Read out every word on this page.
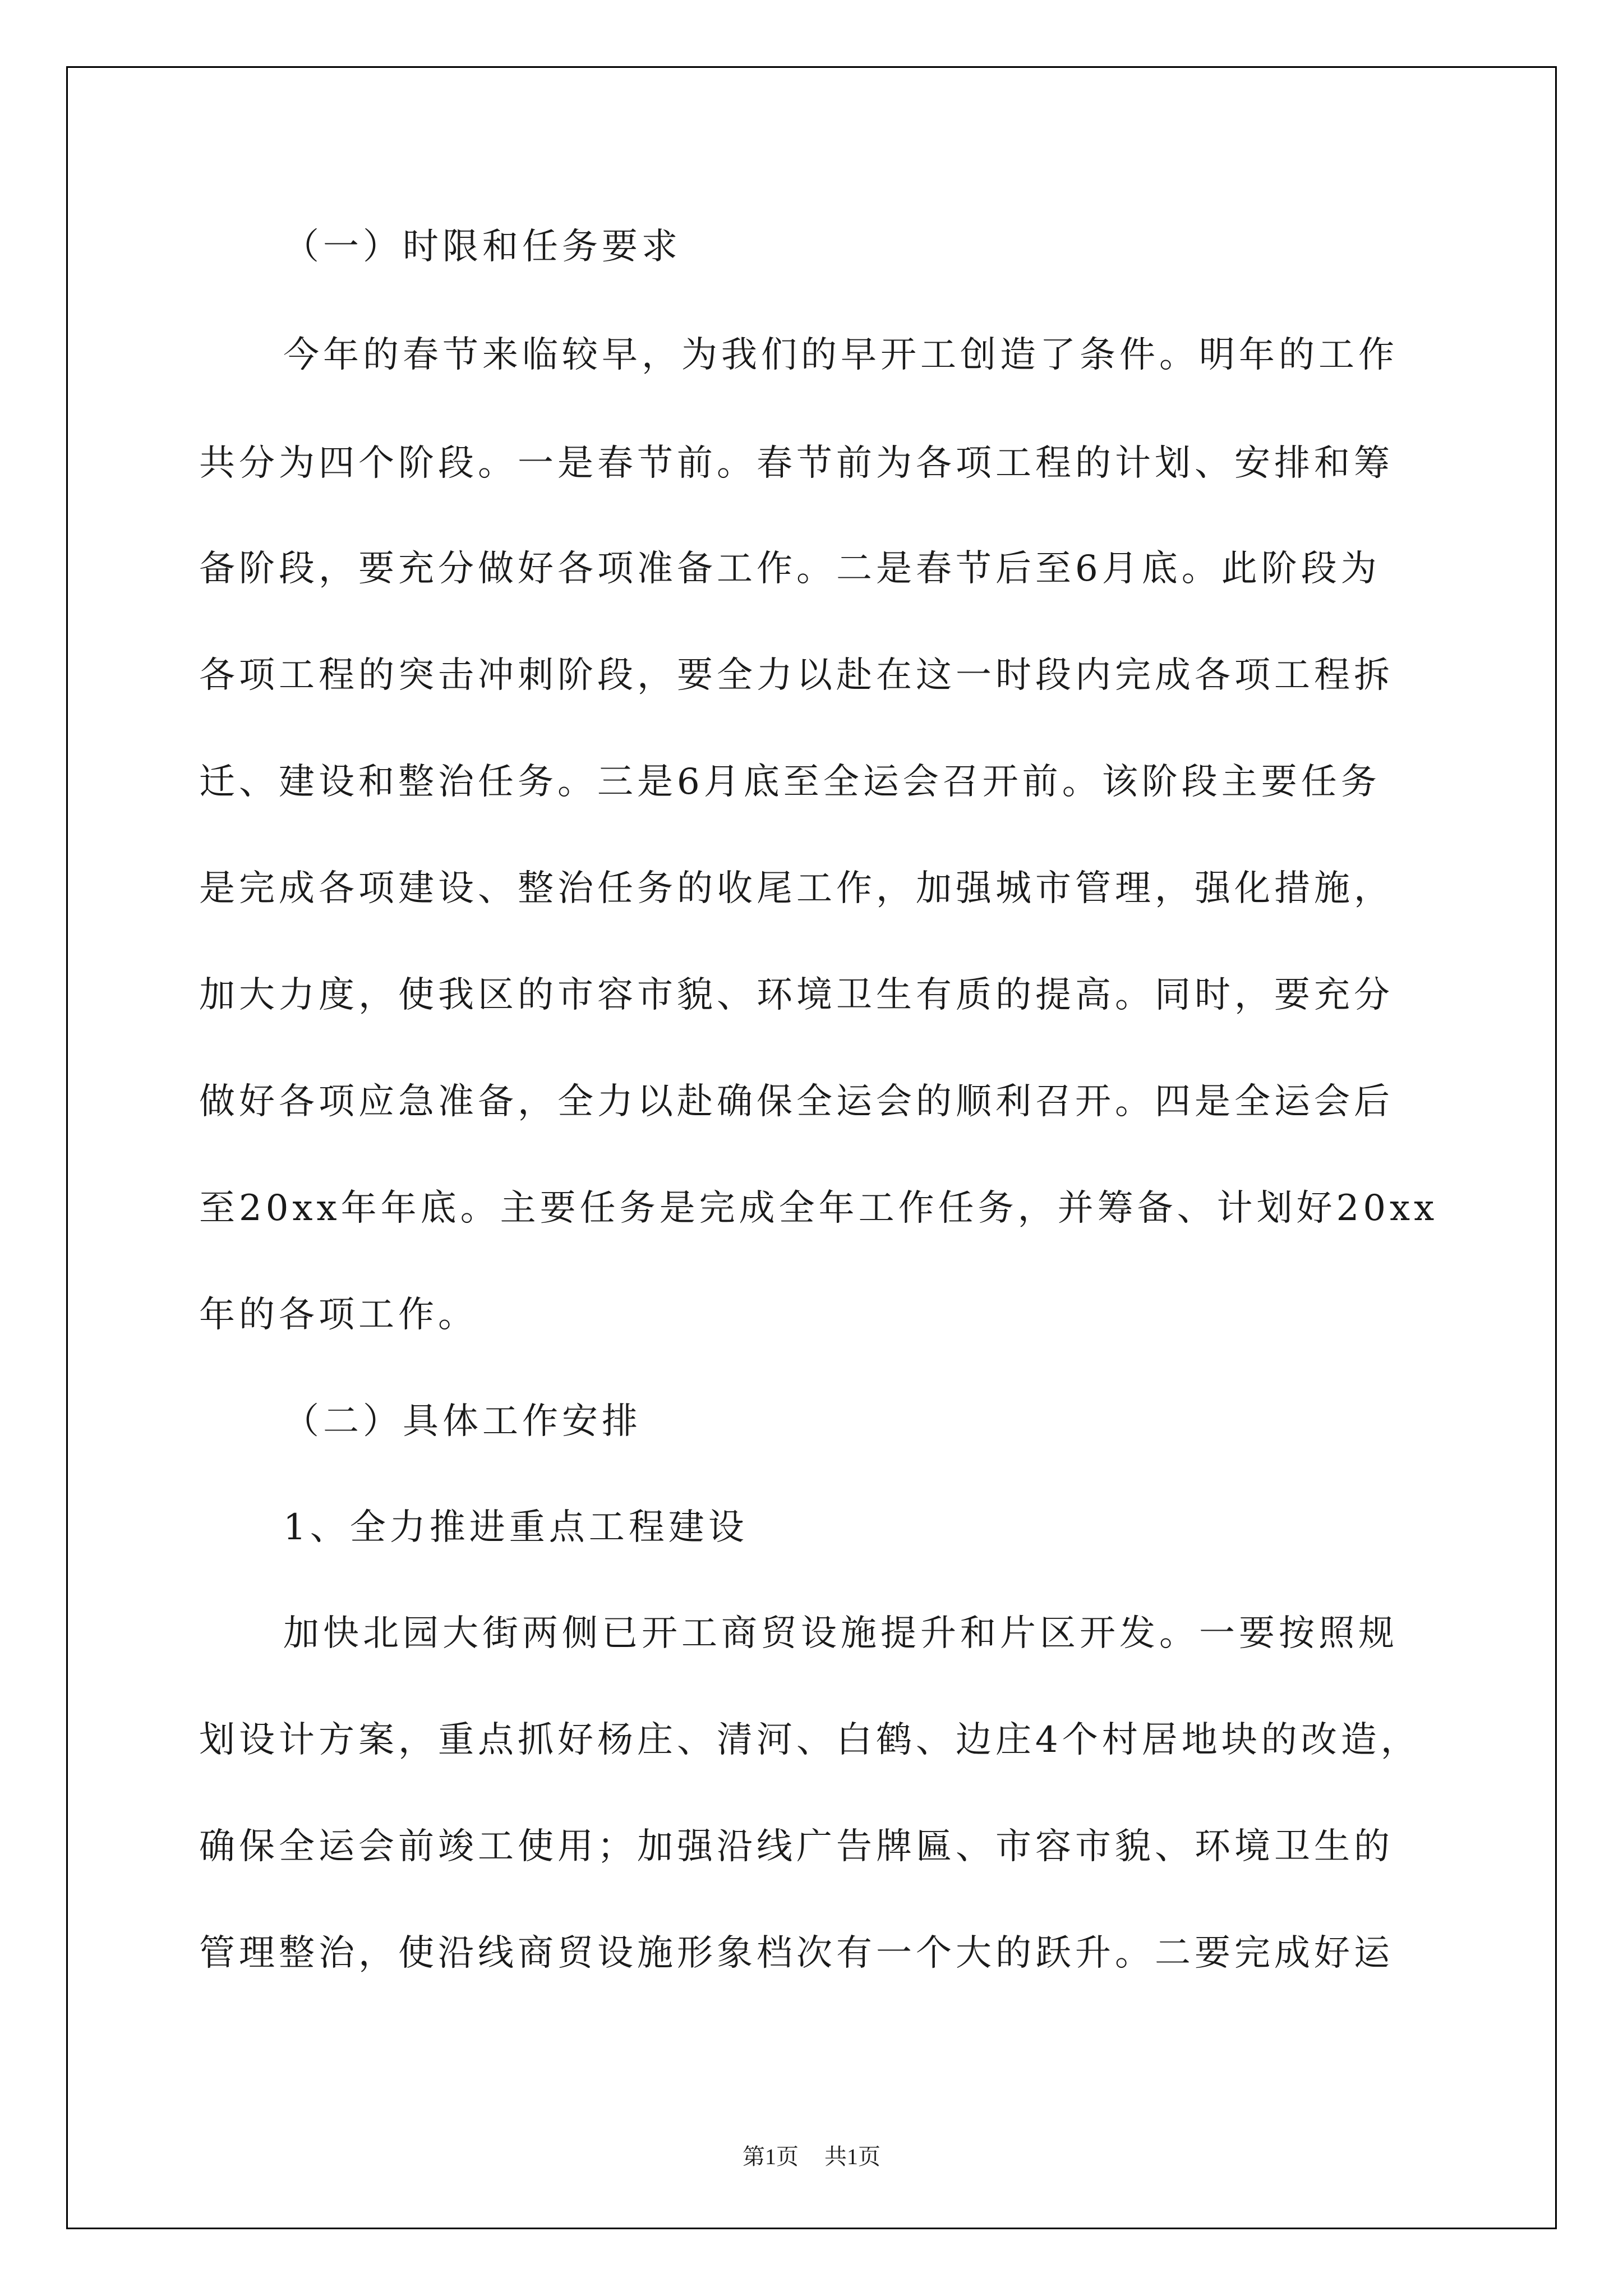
（一）时限和任务要求
今年的春节来临较早，为我们的早开工创造了条件。明年的工作
共分为四个阶段。一是春节前。春节前为各项工程的计划、安排和筹
备阶段，要充分做好各项准备工作。二是春节后至6月底。此阶段为
各项工程的突击冲刺阶段，要全力以赴在这一时段内完成各项工程拆
迁、建设和整治任务。三是6月底至全运会召开前。该阶段主要任务
是完成各项建设、整治任务的收尾工作，加强城市管理，强化措施，
加大力度，使我区的市容市貌、环境卫生有质的提高。同时，要充分
做好各项应急准备，全力以赴确保全运会的顺利召开。四是全运会后
至20xx年年底。主要任务是完成全年工作任务，并筹备、计划好20xx
年的各项工作。
（二）具体工作安排
1、全力推进重点工程建设
加快北园大街两侧已开工商贸设施提升和片区开发。一要按照规
划设计方案，重点抓好杨庄、清河、白鹤、边庄4个村居地块的改造，
确保全运会前竣工使用；加强沿线广告牌匾、市容市貌、环境卫生的
管理整治，使沿线商贸设施形象档次有一个大的跃升。二要完成好运
第1页 共1页
